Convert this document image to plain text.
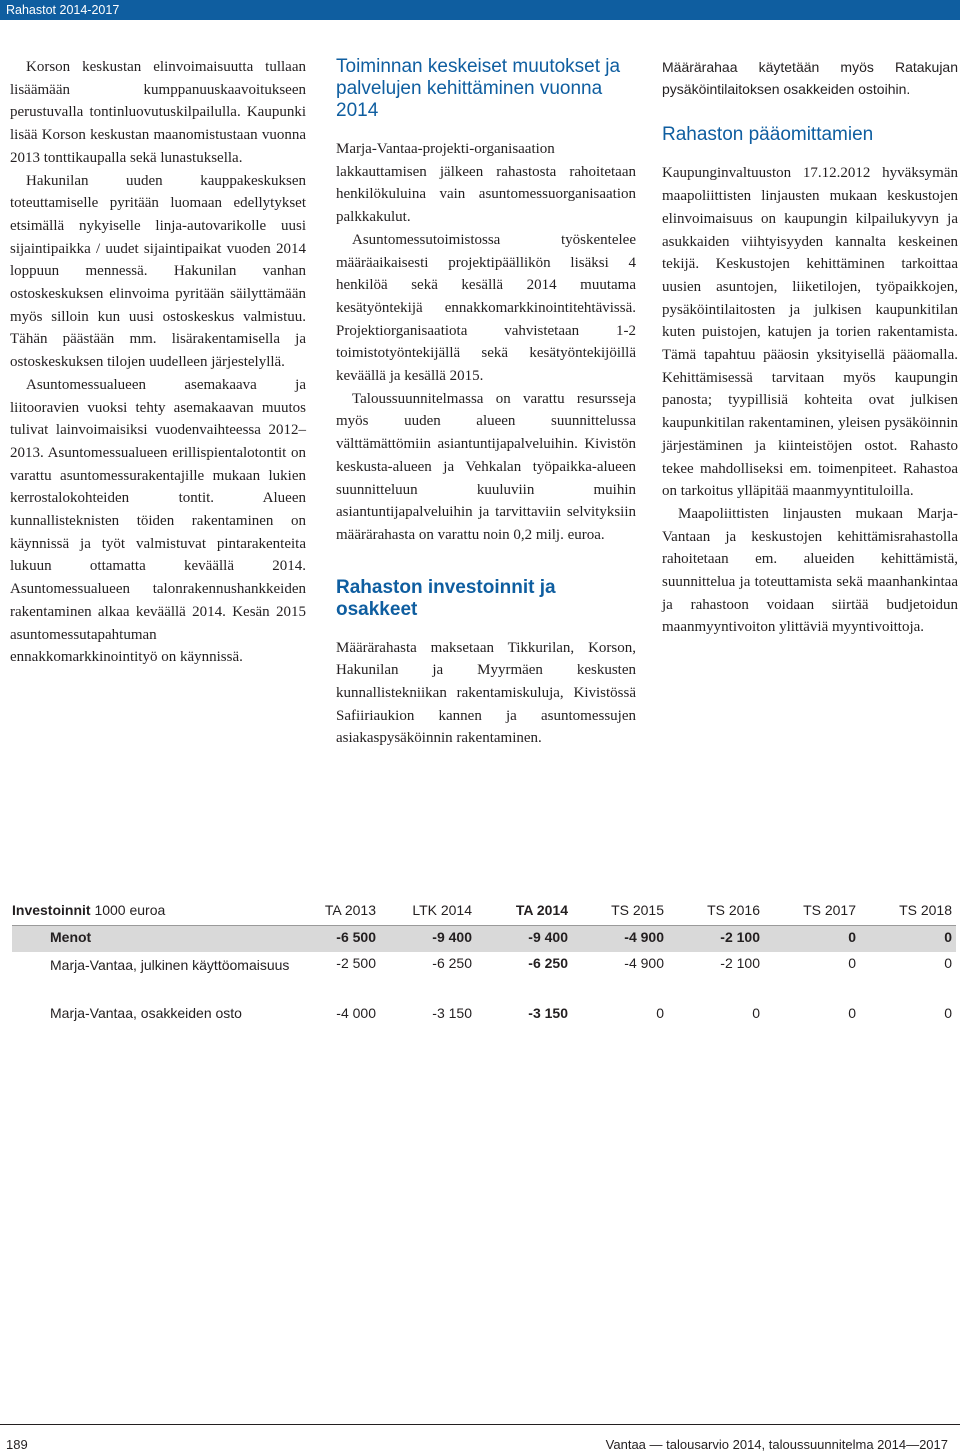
Rahastot 2014-2017

Korson keskustan elinvoimaisuutta tullaan lisäämään kumppanuuskaavoitukseen perustuvalla tontinluovutuskilpailulla. Kaupunki lisää Korson keskustan maanomistustaan vuonna 2013 tonttikaupalla sekä lunastuksella.

Hakunilan uuden kauppakeskuksen toteuttamiselle pyritään luomaan edellytykset etsimällä nykyiselle linja-autovarikolle uusi sijaintipaikka / uudet sijaintipaikat vuoden 2014 loppuun mennessä. Hakunilan vanhan ostoskeskuksen elinvoima pyritään säilyttämään myös silloin kun uusi ostoskeskus valmistuu. Tähän päästään mm. lisärakentamisella ja ostoskeskuksen tilojen uudelleen järjestelyllä.

Asuntomessualueen asemakaava ja liitooravien vuoksi tehty asemakaavan muutos tulivat lainvoimaisiksi vuodenvaihteessa 2012–2013. Asuntomessualueen erillispientalotontit on varattu asuntomessurakentajille mukaan lukien kerrostalokohteiden tontit. Alueen kunnallisteknisten töiden rakentaminen on käynnissä ja työt valmistuvat pintarakenteita lukuun ottamatta keväällä 2014. Asuntomessualueen talonrakennushankkeiden rakentaminen alkaa keväällä 2014. Kesän 2015 asuntomessutapahtuman ennakkomarkkinointityö on käynnissä.

Toiminnan keskeiset muutokset ja palvelujen kehittäminen vuonna 2014

Marja-Vantaa-projekti-organisaation lakkauttamisen jälkeen rahastosta rahoitetaan henkilökuluina vain asuntomessuorganisaation palkkakulut.

Asuntomessutoimistossa työskentelee määräaikaisesti projektipäällikön lisäksi 4 henkilöä sekä kesällä 2014 muutama kesätyöntekijä ennakkomarkkinointitehtävissä. Projektiorganisaatiota vahvistetaan 1-2 toimistotyöntekijällä sekä kesätyöntekijöillä keväällä ja kesällä 2015.

Taloussuunnitelmassa on varattu resursseja myös uuden alueen suunnittelussa välttämättömiin asiantuntijapalveluihin. Kivistön keskusta-alueen ja Vehkalan työpaikka-alueen suunnitteluun kuuluviin muihin asiantuntijapalveluihin ja tarvittaviin selvityksiin määrärahasta on varattu noin 0,2 milj. euroa.

Rahaston investoinnit ja osakkeet

Määrärahasta maksetaan Tikkurilan, Korson, Hakunilan ja Myyrmäen keskusten kunnallistekniikan rakentamiskuluja, Kivistössä Safiiriaukion kannen ja asuntomessujen asiakaspysäköinnin rakentaminen.

Määrärahaa käytetään myös Ratakujan pysäköintilaitoksen osakkeiden ostoihin.

Rahaston pääomittamien

Kaupunginvaltuuston 17.12.2012 hyväksymän maapoliittisten linjausten mukaan keskustojen elinvoimaisuus on kaupungin kilpailukyvyn ja asukkaiden viihtyisyyden kannalta keskeinen tekijä. Keskustojen kehittäminen tarkoittaa uusien asuntojen, liiketilojen, työpaikkojen, pysäköintilaitosten ja julkisen kaupunkitilan kuten puistojen, katujen ja torien rakentamista. Tämä tapahtuu pääosin yksityisellä pääomalla. Kehittämisessä tarvitaan myös kaupungin panosta; tyypillisiä kohteita ovat julkisen kaupunkitilan rakentaminen, yleisen pysäköinnin järjestäminen ja kiinteistöjen ostot. Rahasto tekee mahdolliseksi em. toimenpiteet. Rahastoa on tarkoitus ylläpitää maanmyyntituloilla.

Maapoliittisten linjausten mukaan Marja-Vantaan ja keskustojen kehittämisrahastolla rahoitetaan em. alueiden kehittämistä, suunnittelua ja toteuttamista sekä maanhankintaa ja rahastoon voidaan siirtää budjetoidun maanmyyntivoiton ylittäviä myyntivoittoja.

Investoinnit 1000 euroa	TA 2013	LTK 2014	TA 2014	TS 2015	TS 2016	TS 2017	TS 2018
Menot	-6 500	-9 400	-9 400	-4 900	-2 100	0	0
Marja-Vantaa, julkinen käyttöomaisuus	-2 500	-6 250	-6 250	-4 900	-2 100	0	0
Marja-Vantaa, osakkeiden osto	-4 000	-3 150	-3 150	0	0	0	0
189	Vantaa — talousarvio 2014, taloussuunnitelma 2014—2017
